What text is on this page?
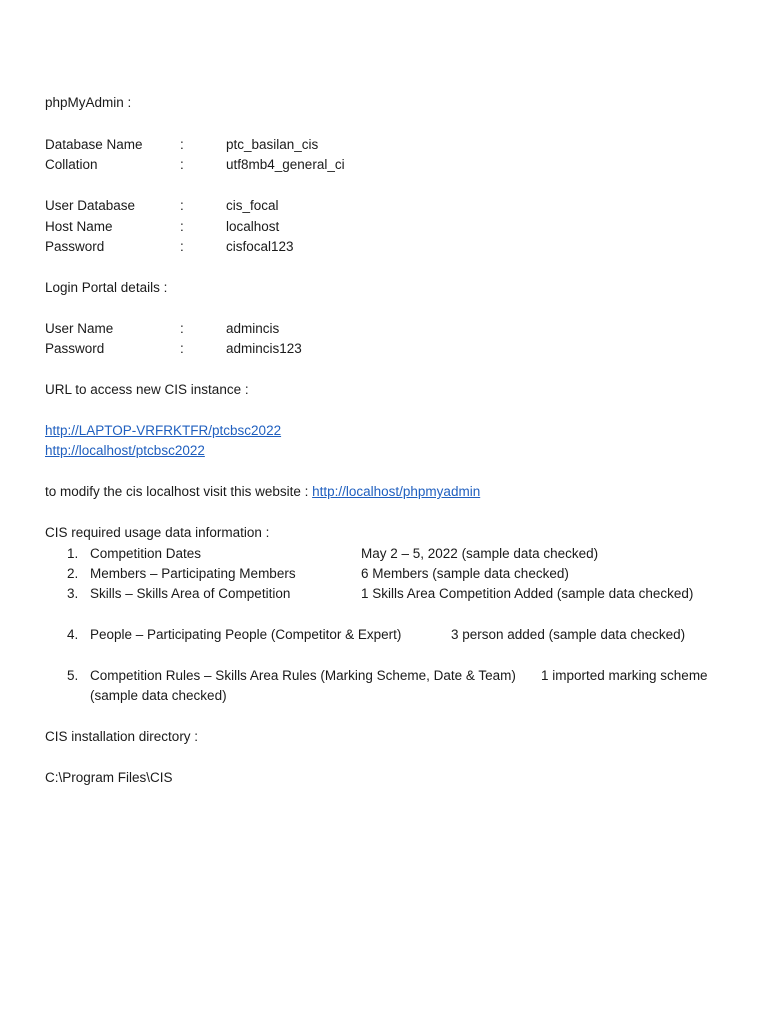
phpMyAdmin :
Database Name	:	ptc_basilan_cis
Collation	:	utf8mb4_general_ci
User Database	:	cis_focal
Host Name	:	localhost
Password	:	cisfocal123
Login Portal details :
User Name	:	admincis
Password	:	admincis123
URL to access new CIS instance :
http://LAPTOP-VRFRKTFR/ptcbsc2022
http://localhost/ptcbsc2022
to modify the cis localhost visit this website : http://localhost/phpmyadmin
CIS required usage data information :
1. Competition Dates	May 2 – 5, 2022 (sample data checked)
2. Members – Participating Members	6 Members (sample data checked)
3. Skills – Skills Area of Competition	1 Skills Area Competition Added (sample data checked)
4. People – Participating People (Competitor & Expert)	3 person added (sample data checked)
5. Competition Rules – Skills Area Rules (Marking Scheme, Date & Team) 1 imported marking scheme
(sample data checked)
CIS installation directory :
C:\Program Files\CIS
